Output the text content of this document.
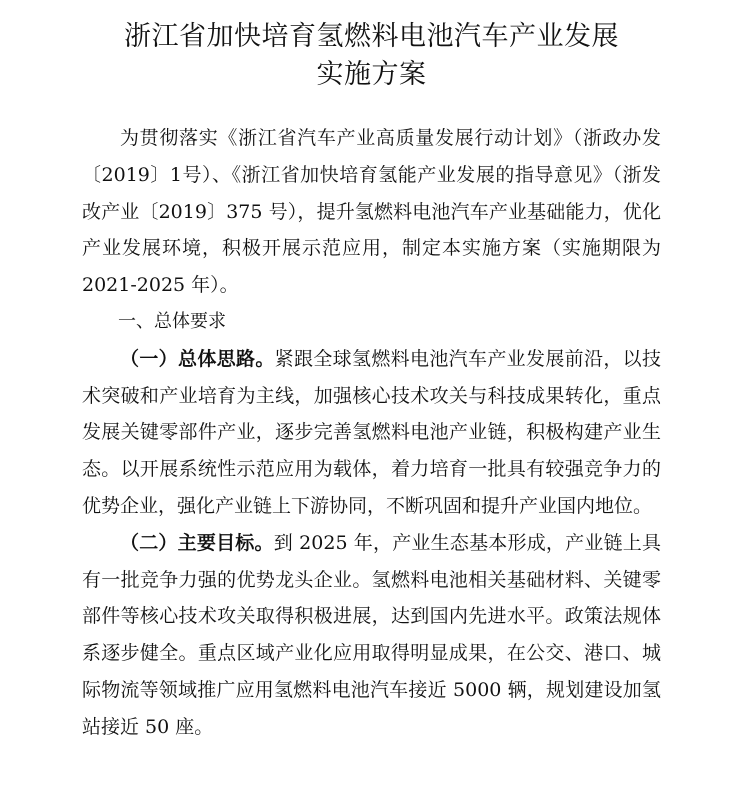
浙江省加快培育氢燃料电池汽车产业发展
实施方案

为贯彻落实《浙江省汽车产业高质量发展行动计划》（浙政办发〔2019〕1号）、《浙江省加快培育氢能产业发展的指导意见》（浙发改产业〔2019〕375 号），提升氢燃料电池汽车产业基础能力，优化产业发展环境，积极开展示范应用，制定本实施方案（实施期限为 2021-2025 年）。

一、总体要求

（一）总体思路。紧跟全球氢燃料电池汽车产业发展前沿，以技术突破和产业培育为主线，加强核心技术攻关与科技成果转化，重点发展关键零部件产业，逐步完善氢燃料电池产业链，积极构建产业生态。以开展系统性示范应用为载体，着力培育一批具有较强竞争力的优势企业，强化产业链上下游协同，不断巩固和提升产业国内地位。

（二）主要目标。到 2025 年，产业生态基本形成，产业链上具有一批竞争力强的优势龙头企业。氢燃料电池相关基础材料、关键零部件等核心技术攻关取得积极进展，达到国内先进水平。政策法规体系逐步健全。重点区域产业化应用取得明显成果，在公交、港口、城际物流等领域推广应用氢燃料电池汽车接近 5000 辆，规划建设加氢站接近 50 座。
